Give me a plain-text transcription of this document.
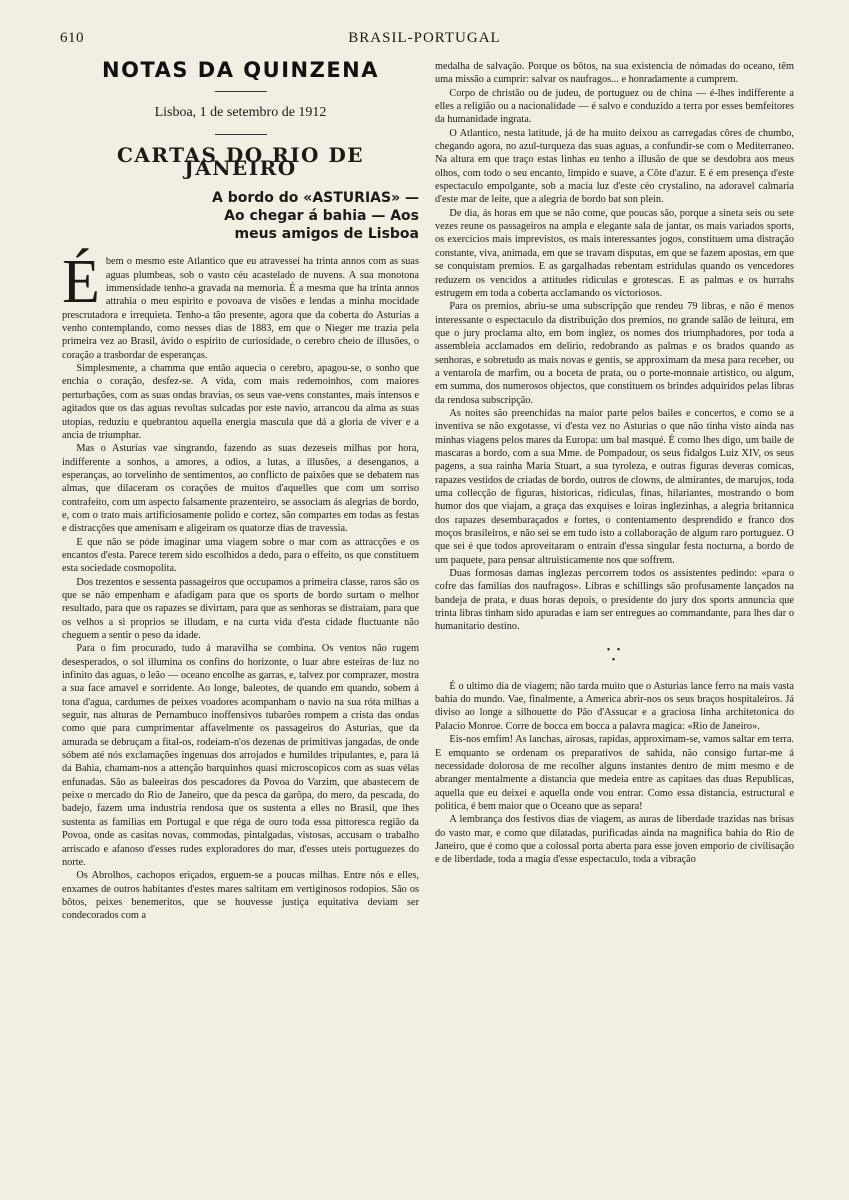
610	BRASIL-PORTUGAL
NOTAS DA QUINZENA

Lisboa, 1 de setembro de 1912

CARTAS DO RIO DE JANEIRO
A bordo do «ASTURIAS» —
Ao chegar á bahia — Aos
meus amigos de Lisboa

Ébem o mesmo este Atlantico que eu atravessei ha trinta annos com as suas aguas plumbeas, sob o vasto céu acastelado de nuvens. A sua monotona immensidade tenho-a gravada na memoria. É a mesma que ha trinta annos attrahia o meu espirito e povoava de visões e lendas a minha mocidade prescrutadora e irrequieta. Tenho-a tão presente, agora que da coberta do Asturias a venho contemplando, como nesses dias de 1883, em que o Nieger me trazia pela primeira vez ao Brasil, ávido o espirito de curiosidade, o cerebro cheio de illusões, o coração a trasbordar de esperanças.

Simplesmente, a chamma que então aquecia o cerebro, apagou-se, o sonho que enchia o coração, desfez-se. A vida, com mais redemoinhos, com maiores perturbações, com as suas ondas bravias, os seus vae-vens constantes, mais intensos e agitados que os das aguas revoltas sulcadas por este navio, arrancou da alma as suas utopias, reduziu e quebrantou aquella energia mascula que dá a gloria de viver e a ancia de triumphar.

Mas o Asturias vae singrando, fazendo as suas dezeseis milhas por hora, indifferente a sonhos, a amores, a odios, a lutas, a illusões, a desenganos, a esperanças, ao torvelinho de sentimentos, ao conflicto de paixões que se debatem nas almas, que dilaceram os corações de muitos d'aquelles que com um sorriso contrafeito, com um aspecto falsamente prazenteiro, se associam ás alegrias de bordo, e, com o trato mais artificiosamente polido e cortez, são compartes em todas as festas e distracções que amenisam e aligeiram os quatorze dias de travessia.

E que não se póde imaginar uma viagem sobre o mar com as attracções e os encantos d'esta. Parece terem sido escolhidos a dedo, para o effeito, os que constituem esta sociedade cosmopolita.

Dos trezentos e sessenta passageiros que occupamos a primeira classe, raros são os que se não empenham e afadigam para que os sports de bordo surtam o melhor resultado, para que os rapazes se divirtam, para que as senhoras se distraiam, para que os velhos a si proprios se illudam, e na curta vida d'esta cidade fluctuante não cheguem a sentir o peso da idade.

Para o fim procurado, tudo á maravilha se combina. Os ventos não rugem desesperados, o sol illumina os confins do horizonte, o luar abre esteiras de luz no infinito das aguas, o leão — oceano encolhe as garras, e, talvez por comprazer, mostra a sua face amavel e sorridente. Ao longe, baleotes, de quando em quando, sobem á tona d'agua, cardumes de peixes voadores acompanham o navio na sua róta milhas a seguir, nas alturas de Pernambuco inoffensivos tubarões rompem a crista das ondas como que para cumprimentar affavelmente os passageiros do Asturias, que da amurada se debruçam a fital-os, rodeiam-n'os dezenas de primitivas jangadas, de onde sóbem até nós exclamações ingenuas dos arrojados e humildes tripulantes, e, para lá da Bahia, chamam-nos a attenção barquinhos quasi microscopicos com as suas vélas enfunadas. São as baleeiras dos pescadores da Povoa do Varzim, que abastecem de peixe o mercado do Rio de Janeiro, que da pesca da garôpa, do mero, da pescada, do badejo, fazem uma industria rendosa que os sustenta a elles no Brasil, que lhes sustenta as familias em Portugal e que réga de ouro toda essa pittoresca região da Povoa, onde as casitas novas, commodas, pintalgadas, vistosas, accusam o trabalho arriscado e afanoso d'esses rudes exploradores do mar, d'esses uteis portuguezes do norte.

Os Abrolhos, cachopos eriçados, erguem-se a poucas milhas. Entre nós e elles, enxames de outros habitantes d'estes mares saltitam em vertiginosos rodopios. São os bôtos, peixes benemeritos, que se houvesse justiça equitativa deviam ser condecorados com a

medalha de salvação. Porque os bôtos, na sua existencia de nómadas do oceano, têm uma missão a cumprir: salvar os naufragos... e honradamente a cumprem.

Corpo de christão ou de judeu, de portuguez ou de china — é-lhes indifferente a elles a religião ou a nacionalidade — é salvo e conduzido a terra por esses bemfeitores da humanidade ingrata.

O Atlantico, nesta latitude, já de ha muito deixou as carregadas côres de chumbo, chegando agora, no azul-turqueza das suas aguas, a confundir-se com o Mediterraneo. Na altura em que traço estas linhas eu tenho a illusão de que se desdobra aos meus olhos, com todo o seu encanto, limpido e suave, a Côte d'azur. E é em presença d'este espectaculo empolgante, sob a macia luz d'este céo crystalino, na adoravel calmaria d'este mar de leite, que a alegria de bordo bat son plein.

De dia, ás horas em que se não come, que poucas são, porque a sineta seis ou sete vezes reune os passageiros na ampla e elegante sala de jantar, os mais variados sports, os exercicios mais imprevistos, os mais interessantes jogos, constituem uma distração constante, viva, animada, em que se travam disputas, em que se fazem apostas, em que se conquistam premios. E as gargalhadas rebentam estridulas quando os vencedores reduzem os vencidos a attitudes ridiculas e grotescas. E as palmas e os hurrahs estrugem em toda a coberta acclamando os victoriosos.

Para os premios, abriu-se uma subscripção que rendeu 79 libras, e não é menos interessante o espectaculo da distribuição dos premios, no grande salão de leitura, em que o jury proclama alto, em bom inglez, os nomes dos triumphadores, por toda a assembleia acclamados em delirio, redobrando as palmas e os brados quando as senhoras, e sobretudo as mais novas e gentis, se approximam da mesa para receber, ou a ventarola de marfim, ou a boceta de prata, ou o porte-monnaie artistico, ou algum, em summa, dos numerosos objectos, que constituem os brindes adquiridos pelas libras da rendosa subscripção.

As noites são preenchidas na maior parte pelos bailes e concertos, e como se a inventiva se não exgotasse, vi d'esta vez no Asturias o que não tinha visto ainda nas minhas viagens pelos mares da Europa: um bal masqué. É como lhes digo, um baile de mascaras a bordo, com a sua Mme. de Pompadour, os seus fidalgos Luiz XIV, os seus pagens, a sua rainha Maria Stuart, a sua tyroleza, e outras figuras deveras comicas, rapazes vestidos de criadas de bordo, outros de clowns, de almirantes, de marujos, toda uma collecção de figuras, historicas, ridiculas, finas, hilariantes, mostrando o bom humor dos que viajam, a graça das exquises e loiras inglezinhas, a alegria britannica dos rapazes desembaraçados e fortes, o contentamento desprendido e franco dos moços brasileiros, e não sei se em tudo isto a collaboração de algum raro portuguez. O que sei é que todos aproveitaram o entrain d'essa singular festa nocturna, a bordo de um paquete, para pensar altruisticamente nos que soffrem.

Duas formosas damas inglezas percorrem todos os assistentes pedindo: «para o cofre das familias dos naufragos». Libras e schillings são profusamente lançados na bandeja de prata, e duas horas depois, o presidente do jury dos sports annuncia que trinta libras tinham sido apuradas e iam ser entregues ao commandante, para lhes dar o humanitario destino.

• •
•

É o ultimo dia de viagem; não tarda muito que o Asturias lance ferro na mais vasta bahia do mundo. Vae, finalmente, a America abrir-nos os seus braços hospitaleiros. Já diviso ao longe a silhouette do Pão d'Assucar e a graciosa linha architetonica do Palacio Monroe. Corre de bocca em bocca a palavra magica: «Rio de Janeiro».

Eis-nos emfim! As lanchas, airosas, rapidas, approximam-se, vamos saltar em terra. E emquanto se ordenam os preparativos de sahida, não consigo furtar-me á necessidade dolorosa de me recolher alguns instantes dentro de mim mesmo e de abranger mentalmente a distancia que medeia entre as capitaes das duas Republicas, aquella que eu deixei e aquella onde vou entrar. Como essa distancia, estructural e politica, é bem maior que o Oceano que as separa!

A lembrança dos festivos dias de viagem, as auras de liberdade trazidas nas brisas do vasto mar, e como que dilatadas, purificadas ainda na magnifica bahia do Rio de Janeiro, que é como que a colossal porta aberta para esse joven emporio de civilisação e de liberdade, toda a magia d'esse espectaculo, toda a vibração
